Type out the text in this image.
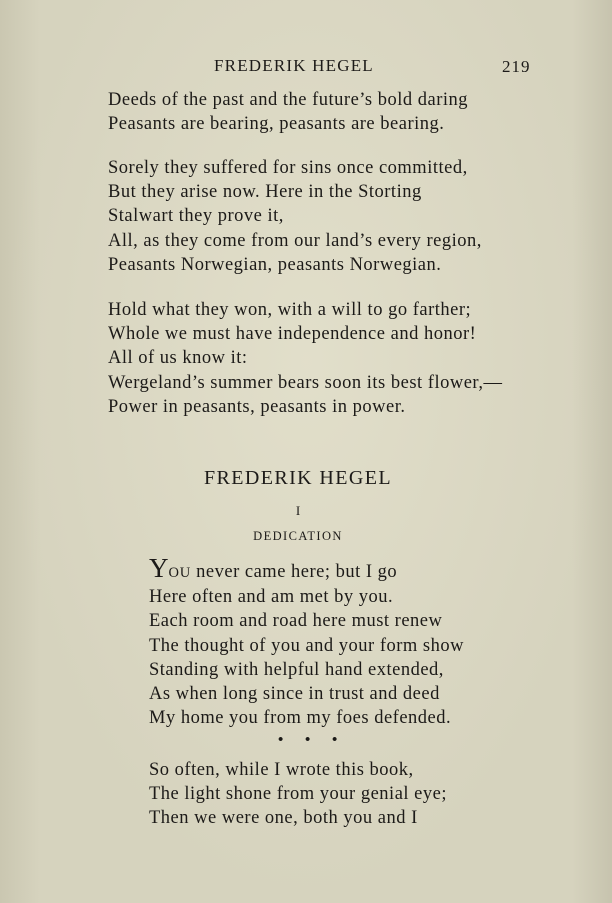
FREDERIK HEGEL	219

Deeds of the past and the future’s bold daring
Peasants are bearing, peasants are bearing.

Sorely they suffered for sins once committed,
But they arise now. Here in the Storting
Stalwart they prove it,
All, as they come from our land’s every region,
Peasants Norwegian, peasants Norwegian.

Hold what they won, with a will to go farther;
Whole we must have independence and honor!
All of us know it:
Wergeland’s summer bears soon its best flower,—
Power in peasants, peasants in power.

FREDERIK HEGEL
I
DEDICATION

YOU never came here; but I go
Here often and am met by you.
Each room and road here must renew
The thought of you and your form show
Standing with helpful hand extended,
As when long since in trust and deed
My home you from my foes defended.

• • •

So often, while I wrote this book,
The light shone from your genial eye;
Then we were one, both you and I
